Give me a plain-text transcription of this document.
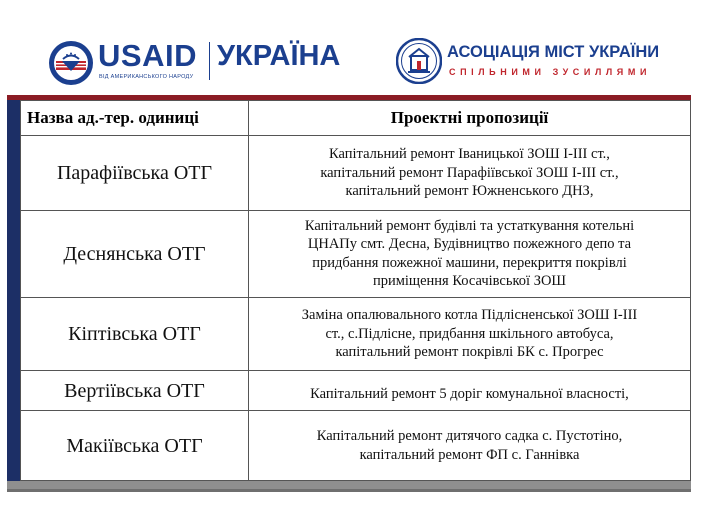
USAID
ВІД АМЕРИКАНСЬКОГО НАРОДУ
УКРАЇНА	АСОЦІАЦІЯ МІСТ УКРАЇНИ
СПІЛЬНИМИ ЗУСИЛЛЯМИ
Назва ад.-тер. одиниці	Проектні пропозиції
Парафіївська ОТГ	Капітальний ремонт Іваницької ЗОШ І-ІІІ ст.,
капітальний ремонт Парафіївської ЗОШ І-ІІІ ст.,
капітальний ремонт Южненського ДНЗ,

Деснянська ОТГ	Капітальний ремонт будівлі та устаткування котельні
ЦНАПу смт. Десна, Будівництво пожежного депо та
придбання пожежної машини, перекриття покрівлі
приміщення Косачівської ЗОШ

Кіптівська ОТГ	Заміна опалювального котла Підлісненської ЗОШ І-ІІІ
ст., с.Підлісне, придбання шкільного автобуса,
капітальний ремонт покрівлі БК с. Прогрес

Вертіївська ОТГ	Капітальний ремонт 5 доріг комунальної власності,

Макіївська ОТГ	Капітальний ремонт дитячого садка с. Пустотіно,
капітальний ремонт ФП с. Ганнівка
